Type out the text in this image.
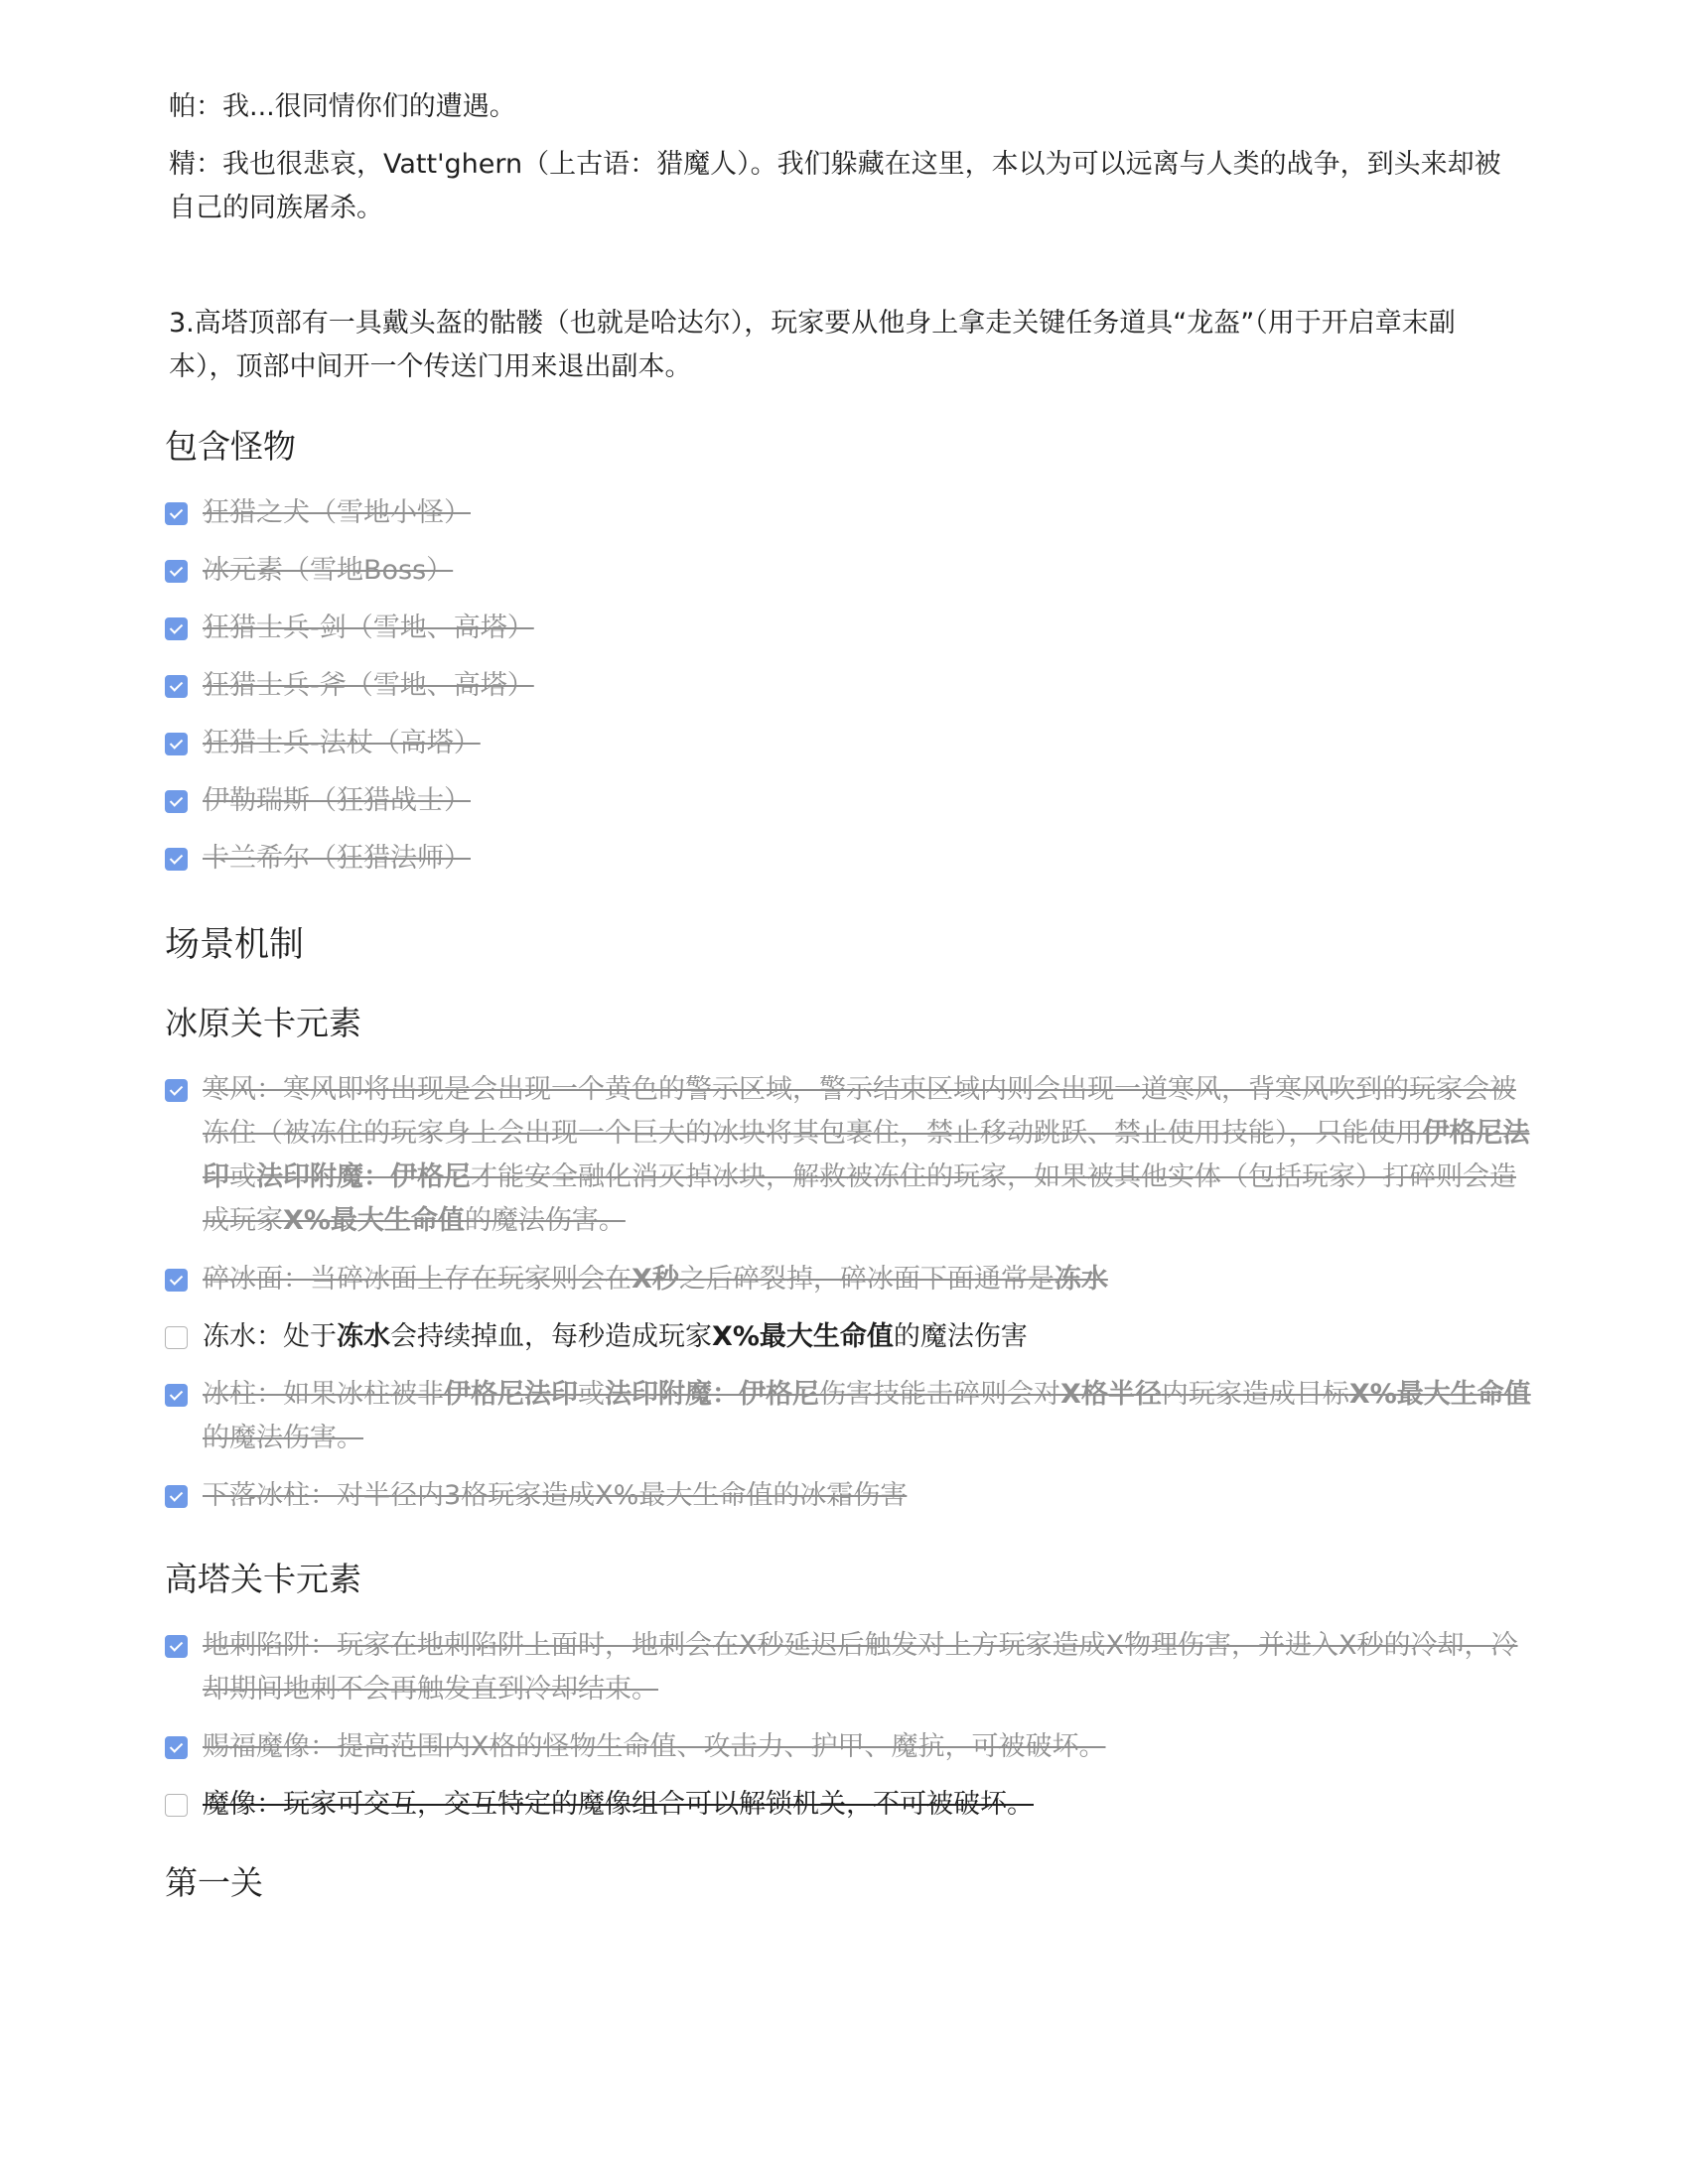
帕：我...很同情你们的遭遇。

精：我也很悲哀，Vatt'ghern（上古语：猎魔人）。我们躲藏在这里，本以为可以远离与人类的战争，到头来却被自己的同族屠杀。

3.高塔顶部有一具戴头盔的骷髅（也就是哈达尔），玩家要从他身上拿走关键任务道具“龙盔”（用于开启章末副本），顶部中间开一个传送门用来退出副本。

包含怪物
狂猎之犬（雪地小怪）
冰元素（雪地Boss）
狂猎士兵-剑（雪地、高塔）
狂猎士兵-斧（雪地、高塔）
狂猎士兵-法杖（高塔）
伊勒瑞斯（狂猎战士）
卡兰希尔（狂猎法师）
场景机制
冰原关卡元素
寒风：寒风即将出现是会出现一个黄色的警示区域，警示结束区域内则会出现一道寒风，背寒风吹到的玩家会被冻住（被冻住的玩家身上会出现一个巨大的冰块将其包裹住，禁止移动跳跃、禁止使用技能），只能使用伊格尼法印或法印附魔：伊格尼才能安全融化消灭掉冰块，解救被冻住的玩家，如果被其他实体（包括玩家）打碎则会造成玩家X%最大生命值的魔法伤害。
碎冰面：当碎冰面上存在玩家则会在X秒之后碎裂掉，碎冰面下面通常是冻水
冻水：处于冻水会持续掉血，每秒造成玩家X%最大生命值的魔法伤害
冰柱：如果冰柱被非伊格尼法印或法印附魔：伊格尼伤害技能击碎则会对X格半径内玩家造成目标X%最大生命值的魔法伤害。
下落冰柱：对半径内3格玩家造成X%最大生命值的冰霜伤害
高塔关卡元素
地刺陷阱：玩家在地刺陷阱上面时，地刺会在X秒延迟后触发对上方玩家造成X物理伤害，并进入X秒的冷却，冷却期间地刺不会再触发直到冷却结束。
赐福魔像：提高范围内X格的怪物生命值、攻击力、护甲、魔抗，可被破坏。
魔像：玩家可交互，交互特定的魔像组合可以解锁机关，不可被破坏。
第一关
